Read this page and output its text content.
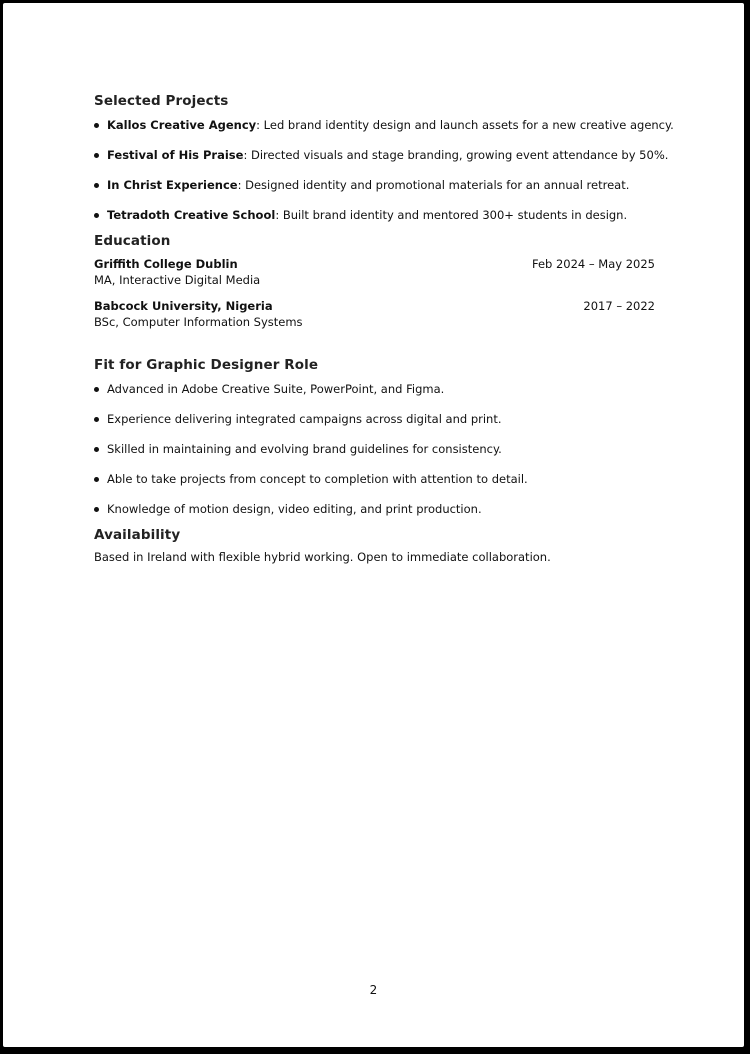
Selected Projects
Kallos Creative Agency: Led brand identity design and launch assets for a new creative agency.
Festival of His Praise: Directed visuals and stage branding, growing event attendance by 50%.
In Christ Experience: Designed identity and promotional materials for an annual retreat.
Tetradoth Creative School: Built brand identity and mentored 300+ students in design.
Education
Griffith College Dublin	Feb 2024 – May 2025
MA, Interactive Digital Media
Babcock University, Nigeria	2017 – 2022
BSc, Computer Information Systems
Fit for Graphic Designer Role
Advanced in Adobe Creative Suite, PowerPoint, and Figma.
Experience delivering integrated campaigns across digital and print.
Skilled in maintaining and evolving brand guidelines for consistency.
Able to take projects from concept to completion with attention to detail.
Knowledge of motion design, video editing, and print production.
Availability

Based in Ireland with flexible hybrid working. Open to immediate collaboration.

2
